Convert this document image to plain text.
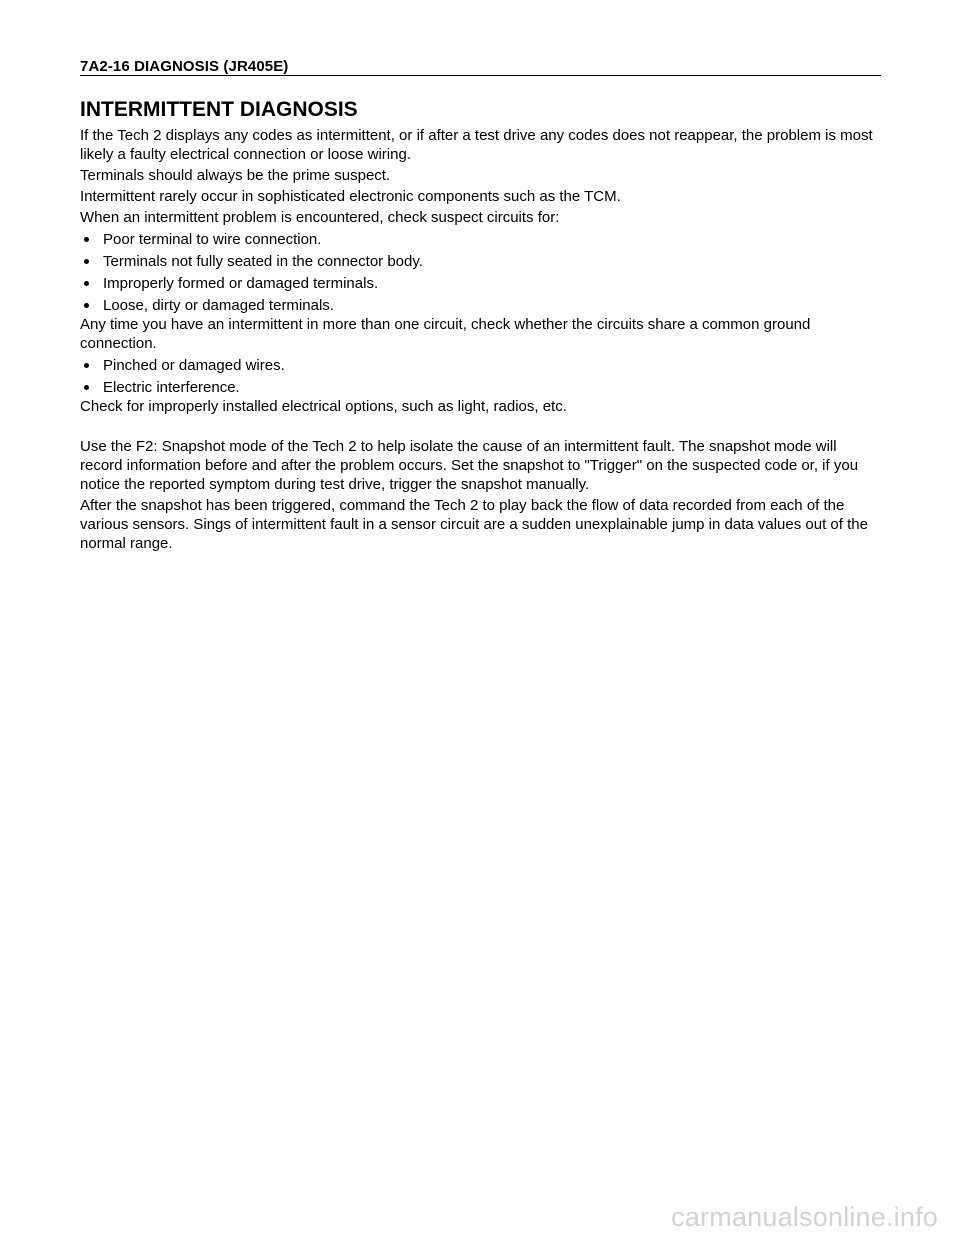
7A2-16 DIAGNOSIS (JR405E)
INTERMITTENT DIAGNOSIS

If the Tech 2 displays any codes as intermittent, or if after a test drive any codes does not reappear, the problem is most likely a faulty electrical connection or loose wiring.

Terminals should always be the prime suspect.

Intermittent rarely occur in sophisticated electronic components such as the TCM.

When an intermittent problem is encountered, check suspect circuits for:

Poor terminal to wire connection.
Terminals not fully seated in the connector body.
Improperly formed or damaged terminals.
Loose, dirty or damaged terminals.

Any time you have an intermittent in more than one circuit, check whether the circuits share a common ground connection.

Pinched or damaged wires.
Electric interference.

Check for improperly installed electrical options, such as light, radios, etc.

Use the F2: Snapshot mode of the Tech 2 to help isolate the cause of an intermittent fault. The snapshot mode will record information before and after the problem occurs. Set the snapshot to "Trigger" on the suspected code or, if you notice the reported symptom during test drive, trigger the snapshot manually.

After the snapshot has been triggered, command the Tech 2 to play back the flow of data recorded from each of the various sensors. Sings of intermittent fault in a sensor circuit are a sudden unexplainable jump in data values out of the normal range.

carmanualsonline.info
